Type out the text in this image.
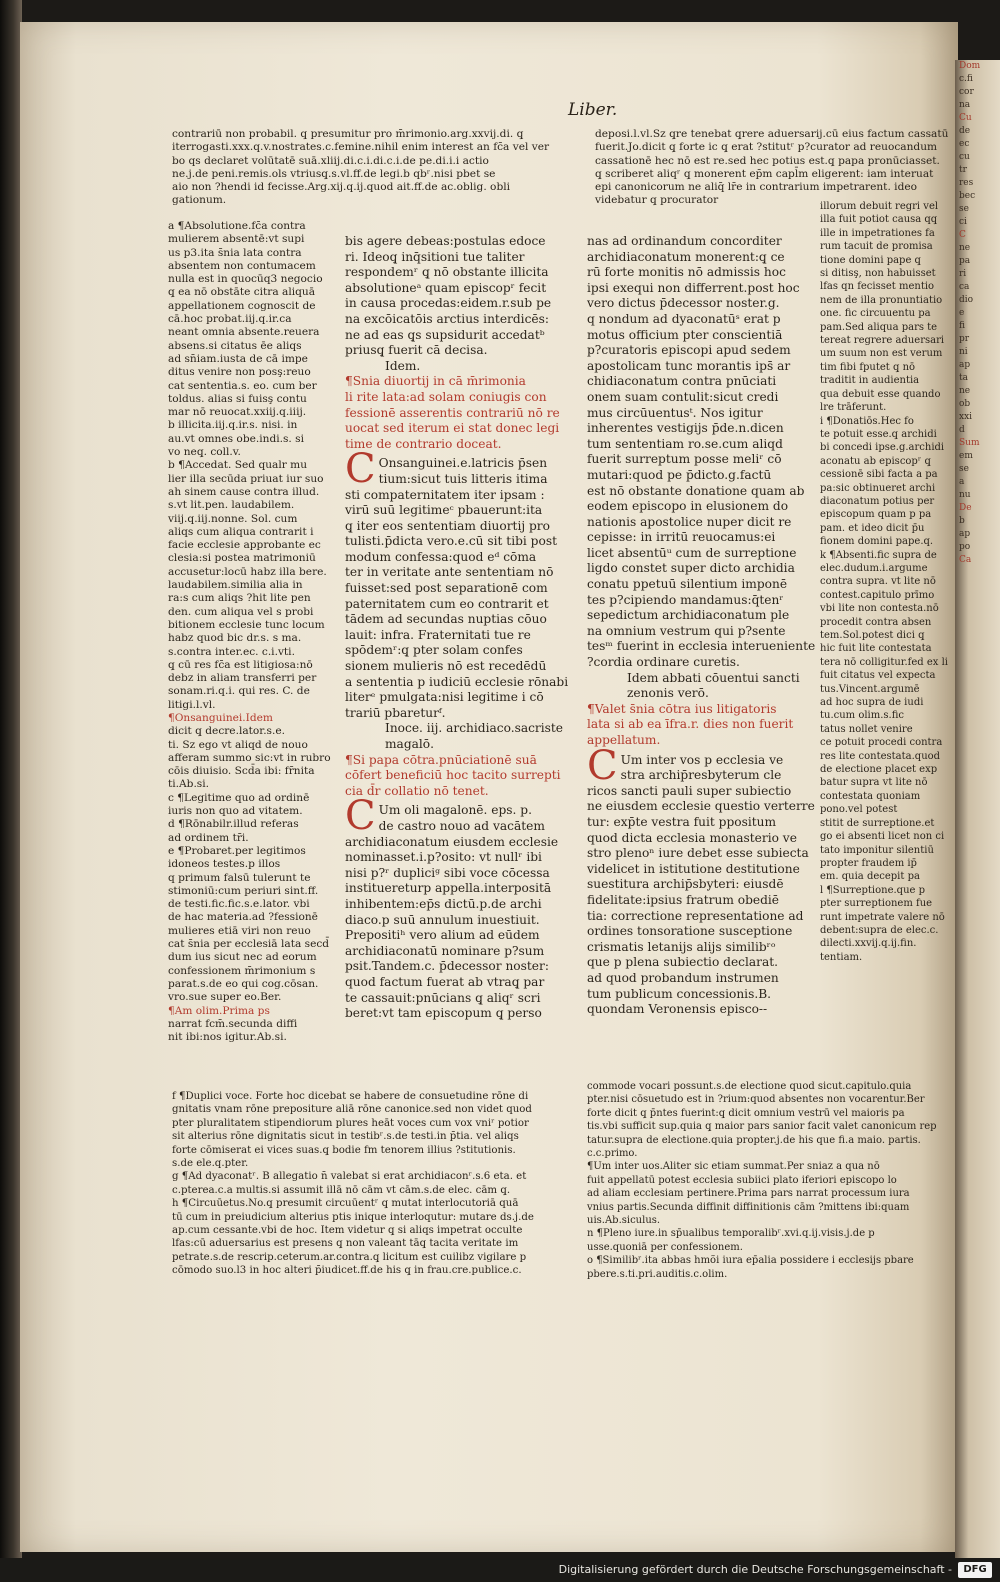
Dom
c.fi
cor
na
Cu
de
ec
cu
tr
res
bec
se
ci
C
ne
pa
ri
ca
dio
e
fi
pr
ni
ap
ta
ne
ob
xxi
d
Sum
em
se
a
nu
De
b
ap
po
Ca
Liber.

contrariū non probabil. q̧ presumitur pro m̄rimonio.arg.xxvij.di. q̧

iterrogasti.xxx.q.v.nostrates.c.femine.nihil enim interest an fc̄a vel ver

bo qs declaret volūtatē suā.xliij.di.c.i.di.c.i.de pe.di.i.i actio

ne.j.de peni.remis.ols vtriusq̧.s.vl.ff.de legi.b qbʳ.nisi pbet se

aio non ?hendi id fecisse.Arg.xij.q.ij.quod ait.ff.de ac.oblig. obli

gationum.

deposi.l.vl.Sz q̧re tenebat q̧rere aduersarij.cū eius factum cassatū

fuerit.Jo.dicit q̧ forte ic q̧ erat ?stitutʳ p?curator ad reuocandum

cassationē hec nō est re.sed hec potius est.q̧ papa pronūciasset.

q̧ scriberet aliqʳ q̧ monerent ep̄m capl̄m eligerent: iam interuat

epi canonicorum ne aliq̄ lr̄e in contrarium impetrarent. ideo

videbatur q̧ procurator

a ¶Absolutione.fc̄a contra

mulierem absentē:vt supi

us p3.ita s̄nia lata contra

absentem non contumacem

nulla est in quocūq3 negocio

q̧ ea nō obstāte citra aliquā

appellationem cognoscit de

cā.hoc probat.iij.q.ir.ca

neant omnia absente.reuera

absens.si citatus ēe aliqs

ad sn̄iam.iusta de cā impe

ditus venire non posş:reuo

cat sententia.s. eo. cum ber

toldus. alias si fuisş contu

mar nō reuocat.xxiij.q.iiij.

b illicita.iij.q.ir.s. nisi. in

au.vt omnes obe.indi.s. si

vo neq̧. coll.v.

b ¶Accedat. Sed qualr mu

lier illa secūda priuat iur suo

ah sinem cause contra illud.

s.vt lit.pen. laudabilem.

viij.q.iij.nonne. Sol. cum

aliqs cum aliqua contrarit i

facie ecclesie approbante ec

clesia:si postea matrimoniū

accusetur:locū habz illa bere.

laudabilem.similia alia in

ra:s cum aliqs ?hit lite pen

den. cum aliqua vel s probi

bitionem ecclesie tunc locum

habz quod bic dr.s. s ma.

s.contra inter.ec. c.i.vti.

q̧ cū res fc̄a est litigiosa:nō

debz in aliam transferri per

sonam.ri.q.i. qui res. C. de

litigi.l.vl.

¶Onsanguinei.Idem

dicit q̧ decre.lator.s.e.

ti. Sz ego vt aliqd de nouo

afferam summo sic:vt in rubro

cōis diuisio. Scd̄a ibi: fr̄nita

ti.Ab.si.

c ¶Legitime quo ad ordinē

iuris non quo ad vitatem.

d ¶Rōnabilr.illud referas

ad ordinem tr̄i.

e ¶Probaret.per legitimos

idoneos testes.p illos

q primum falsū tulerunt te

stimoniū:cum periuri sint.ff.

de testi.fic.fic.s.e.lator. vbi

de hac materia.ad ?fessionē

mulieres etiā viri non reuo

cat s̄nia per ecclesiā lata secd̄

dum ius sicut nec ad eorum

confessionem m̄rimonium s

parat.s.de eo qui cog.cōsan.

vro.sue super eo.Ber.

¶Am olim.Prima ps

narrat fcm̄.secunda diffi

nit ibi:nos igitur.Ab.si.

bis agere debeas:postulas edoce

ri. Ideoq̧ inq̄sitioni tue taliter

respondemʳ q̧ nō obstante illicita

absolutioneᵃ quam episcopʳ fecit

in causa procedas:eidem.r.sub pe

na excōicatōis arctius interdicēs:

ne ad eas q̧s supsidurit accedatᵇ

priusq̧ fuerit cā decisa.

Idem.

¶Snia diuortij in cā m̄rimonia

li rite lata:ad solam coniugis con

fessionē asserentis contrariū nō re

uocat sed iterum ei stat donec legi

time de contrario doceat.

C Onsanguinei.e.latricis p̄sen

tium:sicut tuis litteris itima

sti compaternitatem iter ipsam :

virū suū legitimeᶜ pbauerunt:ita

q̧ iter eos sententiam diuortij pro

tulisti.p̄dicta vero.e.cū sit tibi post

modum confessa:quod eᵈ cōma

ter in veritate ante sententiam nō

fuisset:sed post separationē com

paternitatem cum eo contrarit et

tādem ad secundas nuptias cōuo

lauit: infra. Fraternitati tue re

spōdemʳ:q̧ pter solam confes

sionem mulieris nō est recedēdū

a sententia p iudiciū ecclesie rōnabi

literᵉ pmulgata:nisi legitime i cō

trariū pbareturᶠ.

Inoce. iij. archidiaco.sacriste

magalō.

¶Si papa cōtra.pnūciationē suā

cōfert beneficiū hoc tacito surrepti

cia d̄r collatio nō tenet.

C Um oli magalonē. eps. p.

de castro nouo ad vacātem

archidiaconatum eiusdem ecclesie

nominasset.i.p?osito: vt nullʳ ibi

nisi p?ʳ dupliciᵍ sibi voce cōcessa

instituereturp appella.interpositā

inhibentem:ep̄s dictū.p.de archi

diaco.p suū annulum inuestiuit.

Prepositiʰ vero alium ad eūdem

archidiaconatū nominare p?sum

psit.Tandem.c. p̄decessor noster:

quod factum fuerat ab vtraq̧ par

te cassauit:pnūcians q̧ aliqʳ scri

beret:vt tam episcopum q̧ perso

nas ad ordinandum concorditer

archidiaconatum monerent:q̧ ce

rū forte monitis nō admissis hoc

ipsi exequi non differrent.post hoc

vero dictus p̄decessor noster.g.

q nondum ad dyaconatūˢ erat p

motus officium pter conscientiā

p?curatoris episcopi apud sedem

apostolicam tunc morantis ips̄ ar

chidiaconatum contra pnūciati

onem suam contulit:sicut credi

mus circūuentusᵗ. Nos igitur

inherentes vestigijs p̄de.n.dicen

tum sententiam ro.se.cum aliqd

fuerit surreptum posse meliʳ cō

mutari:quod pe p̄dicto.g.factū

est nō obstante donatione quam ab

eodem episcopo in elusionem do

nationis apostolice nuper dicit re

cepisse: in irritū reuocamus:ei

licet absentūᵘ cum de surreptione

ligdo constet super dicto archidia

conatu ppetuū silentium imponē

tes p?cipiendo mandamus:q̄tenʳ

sepedictum archidiaconatum ple

na omnium vestrum qui p?sente

tesᵐ fuerint in ecclesia interueniente

?cordia ordinare curetis.

Idem abbati cōuentui sancti

zenonis verō.

¶Valet s̄nia cōtra ius litigatoris

lata si ab ea īfra.r. dies non fuerit

appellatum.

C Um inter vos p ecclesia ve

stra archip̄resbyterum cle

ricos sancti pauli super subiectio

ne eiusdem ecclesie questio verterre

tur: exp̄te vestra fuit ppositum

quod dicta ecclesia monasterio ve

stro plenoⁿ iure debet esse subiecta

videlicet in istitutione destitutione

suestitura archip̄sbyteri: eiusdē

fidelitate:ipsius fratrum obediē

tia: correctione representatione ad

ordines tonsoratione susceptione

crismatis letanijs alijs similibʳᵒ

que p plena subiectio declarat.

ad quod probandum instrumen

tum publicum concessionis.B.

quondam Veronensis episco--

illorum debuit regri vel

illa fuit potiot causa qq̧

ille in impetrationes fa

rum tacuit de promisa

tione domini pape q̧

si ditisş, non habuisset

lfas qn fecisset mentio

nem de illa pronuntiatio

one. fic circuuentu pa

pam.Sed aliqua pars te

tereat regrere aduersari

um suum non est verum

tim fibi fputet q̧ nō

traditit in audientia

qua debuit esse quando

lre trāferunt.

i ¶Donatiōs.Hec fo

te potuit esse.q̧ archidi

bi concedi ipse.g.archidi

aconatu ab episcopʳ q̧

cessionē sibi facta a pa

pa:sic obtinueret archi

diaconatum potius per

episcopum quam p pa

pam. et ideo dicit p̄u

fionem domini pape.q.

k ¶Absenti.fic supra de

elec.dudum.i.argume

contra supra. vt lite nō

contest.capitulo prīmo

vbi lite non contesta.nō

procedit contra absen

tem.Sol.potest dici q̧

hic fuit lite contestata

tera nō colligitur.fed ex li

fuit citatus vel expecta

tus.Vincent.argumē

ad hoc supra de iudi

tu.cum olim.s.fic

tatus nollet venire

ce potuit procedi contra

res lite contestata.quod

de electione placet exp

batur supra vt lite nō

contestata quoniam

pono.vel potest

stitit de surreptione.et

go ei absenti licet non ci

tato imponitur silentiū

propter fraudem ip̄

em. quia decepit pa

l ¶Surreptione.que p

pter surreptionem fue

runt impetrate valere nō

debent:supra de elec.c.

dilecti.xxvij.q.ij.fin.

tentiam.

f ¶Duplici voce. Forte hoc dicebat se habere de consuetudine rōne di

gnitatis vnam rōne prepositure aliā rōne canonice.sed non videt quod

pter pluralitatem stipendiorum plures heāt voces cum vox vniʳ potior

sit alterius rōne dignitatis sicut in testibʳ.s.de testi.in p̄tia. vel aliqs

forte cōmiserat ei vices suas.q̧ bodie fm tenorem illius ?stitutionis.

s.de ele.q.pter.

g ¶Ad dyaconatʳ. B allegatio n̄ valebat si erat archidiaconʳ.s.6 eta. et

c.pterea.c.a multis.si assumit illā nō cām vt cām.s.de elec. cām q̧.

h ¶Circuūetus.No.q̧ presumit circuūentʳ q̧ mutat interlocutoriā quā

tū cum in preiudicium alterius ptis inique interloqutur: mutare ds.j.de

ap.cum cessante.vbi de hoc. Item videtur q̧ si aliqs impetrat occulte

lfas:cū aduersarius est presens q̧ non valeant tāq̧ tacita veritate im

petrate.s.de rescrip.ceterum.ar.contra.q̧ licitum est cuilibz vigilare p

cōmodo suo.l3 in hoc alteri p̄iudicet.ff.de his q̧ in frau.cre.publice.c.

commode vocari possunt.s.de electione quod sicut.capitulo.quia

pter.nisi cōsuetudo est in ?rium:quod absentes non vocarentur.Ber

forte dicit q̧ p̄ntes fuerint:q̧ dicit omnium vestrū vel maioris pa

tis.vbi sufficit sup.quia q̧ maior pars sanior facit valet canonicum rep

tatur.supra de electione.quia propter.j.de his que fi.a maio. partis.

c.c.primo.

¶Um inter uos.Aliter sic etiam summat.Per sniaz a qua nō

fuit appellatū potest ecclesia subiici plato iferiori episcopo lo

ad aliam ecclesiam pertinere.Prima pars narrat processum iura

vnius partis.Secunda diffinit diffinitionis cām ?mittens ibi:quam

uis.Ab.siculus.

n ¶Pleno iure.in sp̄ualibus temporalibʳ.xvi.q.ij.visis.j.de p

usse.quoniā per confessionem.

o ¶Similibʳ.ita abbas hmõi iura ep̄alia possidere i ecclesijs pbare

pbere.s.ti.pri.auditis.c.olim.

Digitalisierung gefördert durch die Deutsche Forschungsgemeinschaft -	DFG
